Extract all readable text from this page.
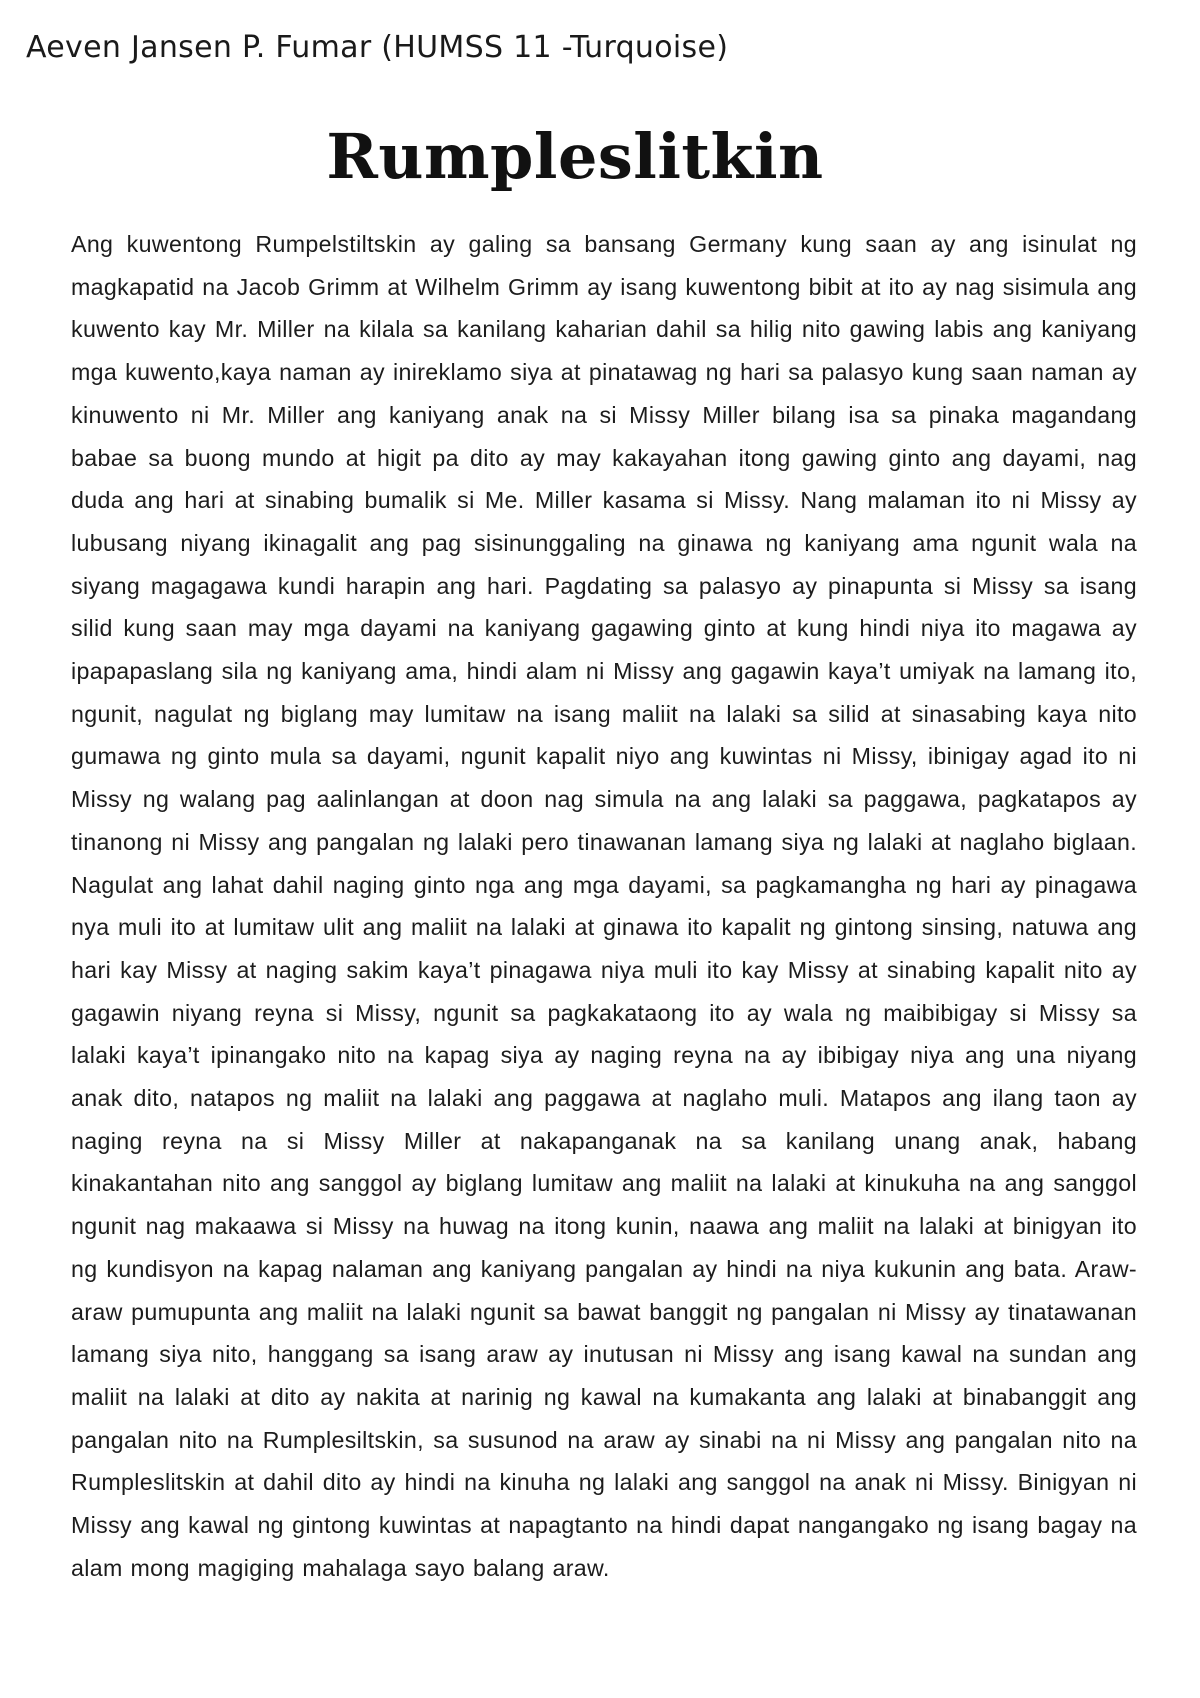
Aeven Jansen P. Fumar (HUMSS 11 -Turquoise)
Rumpleslitkin

Ang kuwentong Rumpelstiltskin ay galing sa bansang Germany kung saan ay ang isinulat ng magkapatid na Jacob Grimm at Wilhelm Grimm ay isang kuwentong bibit at ito ay nag sisimula ang kuwento kay Mr. Miller na kilala sa kanilang kaharian dahil sa hilig nito gawing labis ang kaniyang mga kuwento,kaya naman ay inireklamo siya at pinatawag ng hari sa palasyo kung saan naman ay kinuwento ni Mr. Miller ang kaniyang anak na si Missy Miller bilang isa sa pinaka magandang babae sa buong mundo at higit pa dito ay may kakayahan itong gawing ginto ang dayami, nag duda ang hari at sinabing bumalik si Me. Miller kasama si Missy. Nang malaman ito ni Missy ay lubusang niyang ikinagalit ang pag sisinunggaling na ginawa ng kaniyang ama ngunit wala na siyang magagawa kundi harapin ang hari. Pagdating sa palasyo ay pinapunta si Missy sa isang silid kung saan may mga dayami na kaniyang gagawing ginto at kung hindi niya ito magawa ay ipapapaslang sila ng kaniyang ama, hindi alam ni Missy ang gagawin kaya’t umiyak na lamang ito, ngunit, nagulat ng biglang may lumitaw na isang maliit na lalaki sa silid at sinasabing kaya nito gumawa ng ginto mula sa dayami, ngunit kapalit niyo ang kuwintas ni Missy, ibinigay agad ito ni Missy ng walang pag aalinlangan at doon nag simula na ang lalaki sa paggawa, pagkatapos ay tinanong ni Missy ang pangalan ng lalaki pero tinawanan lamang siya ng lalaki at naglaho biglaan. Nagulat ang lahat dahil naging ginto nga ang mga dayami, sa pagkamangha ng hari ay pinagawa nya muli ito at lumitaw ulit ang maliit na lalaki at ginawa ito kapalit ng gintong sinsing, natuwa ang hari kay Missy at naging sakim kaya’t pinagawa niya muli ito kay Missy at sinabing kapalit nito ay gagawin niyang reyna si Missy, ngunit sa pagkakataong ito ay wala ng maibibigay si Missy sa lalaki kaya’t ipinangako nito na kapag siya ay naging reyna na ay ibibigay niya ang una niyang anak dito, natapos ng maliit na lalaki ang paggawa at naglaho muli. Matapos ang ilang taon ay naging reyna na si Missy Miller at nakapanganak na sa kanilang unang anak, habang kinakantahan nito ang sanggol ay biglang lumitaw ang maliit na lalaki at kinukuha na ang sanggol ngunit nag makaawa si Missy na huwag na itong kunin, naawa ang maliit na lalaki at binigyan ito ng kundisyon na kapag nalaman ang kaniyang pangalan ay hindi na niya kukunin ang bata. Araw-araw pumupunta ang maliit na lalaki ngunit sa bawat banggit ng pangalan ni Missy ay tinatawanan lamang siya nito, hanggang sa isang araw ay inutusan ni Missy ang isang kawal na sundan ang maliit na lalaki at dito ay nakita at narinig ng kawal na kumakanta ang lalaki at binabanggit ang pangalan nito na Rumplesiltskin, sa susunod na araw ay sinabi na ni Missy ang pangalan nito na Rumpleslitskin at dahil dito ay hindi na kinuha ng lalaki ang sanggol na anak ni Missy. Binigyan ni Missy ang kawal ng gintong kuwintas at napagtanto na hindi dapat nangangako ng isang bagay na alam mong magiging mahalaga sayo balang araw.
